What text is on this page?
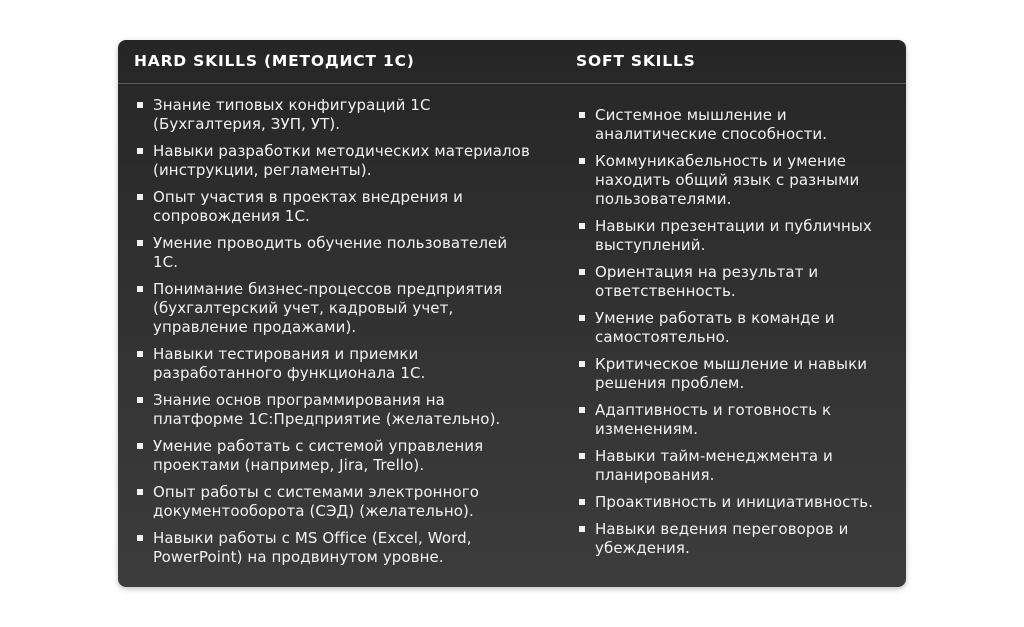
HARD SKILLS (МЕТОДИСТ 1С)	SOFT SKILLS
Знание типовых конфигураций 1С (Бухгалтерия, ЗУП, УТ).
Навыки разработки методических материалов (инструкции, регламенты).
Опыт участия в проектах внедрения и сопровождения 1С.
Умение проводить обучение пользователей 1С.
Понимание бизнес-процессов предприятия (бухгалтерский учет, кадровый учет, управление продажами).
Навыки тестирования и приемки разработанного функционала 1С.
Знание основ программирования на платформе 1С:Предприятие (желательно).
Умение работать с системой управления проектами (например, Jira, Trello).
Опыт работы с системами электронного документооборота (СЭД) (желательно).
Навыки работы с MS Office (Excel, Word, PowerPoint) на продвинутом уровне.
Системное мышление и аналитические способности.
Коммуникабельность и умение находить общий язык с разными пользователями.
Навыки презентации и публичных выступлений.
Ориентация на результат и ответственность.
Умение работать в команде и самостоятельно.
Критическое мышление и навыки решения проблем.
Адаптивность и готовность к изменениям.
Навыки тайм-менеджмента и планирования.
Проактивность и инициативность.
Навыки ведения переговоров и убеждения.
